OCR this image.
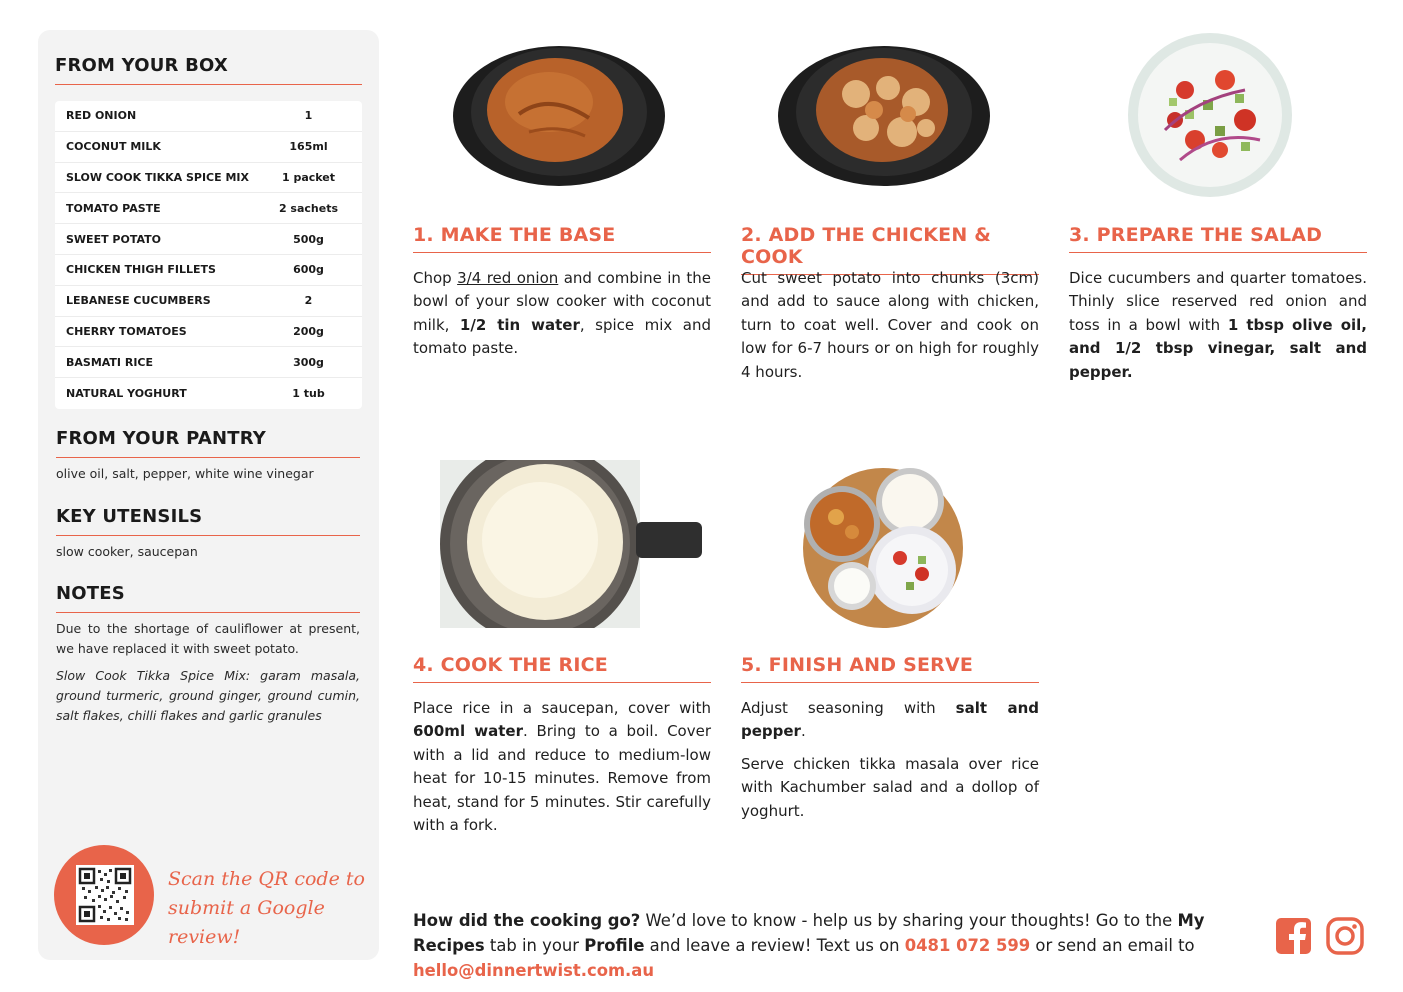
FROM YOUR BOX
RED ONION	1
COCONUT MILK	165ml
SLOW COOK TIKKA SPICE MIX	1 packet
TOMATO PASTE	2 sachets
SWEET POTATO	500g
CHICKEN THIGH FILLETS	600g
LEBANESE CUCUMBERS	2
CHERRY TOMATOES	200g
BASMATI RICE	300g
NATURAL YOGHURT	1 tub
FROM YOUR PANTRY
olive oil, salt, pepper, white wine vinegar
KEY UTENSILS
slow cooker, saucepan
NOTES
Due to the shortage of cauliflower at present, we have replaced it with sweet potato.
Slow Cook Tikka Spice Mix: garam masala, ground turmeric, ground ginger, ground cumin, salt flakes, chilli flakes and garlic granules
Scan the QR code to
submit a Google review!
1. MAKE THE BASE

Chop 3/4 red onion and combine in the bowl of your slow cooker with coconut milk, 1/2 tin water, spice mix and tomato paste.

2. ADD THE CHICKEN & COOK

Cut sweet potato into chunks (3cm) and add to sauce along with chicken, turn to coat well. Cover and cook on low for 6-7 hours or on high for roughly 4 hours.

3. PREPARE THE SALAD

Dice cucumbers and quarter tomatoes. Thinly slice reserved red onion and toss in a bowl with 1 tbsp olive oil, and 1/2 tbsp vinegar, salt and pepper.

4. COOK THE RICE

Place rice in a saucepan, cover with 600ml water. Bring to a boil. Cover with a lid and reduce to medium-low heat for 10-15 minutes. Remove from heat, stand for 5 minutes. Stir carefully with a fork.

5. FINISH AND SERVE

Adjust seasoning with salt and pepper.

Serve chicken tikka masala over rice with Kachumber salad and a dollop of yoghurt.

How did the cooking go? We’d love to know - help us by sharing your thoughts! Go to the My Recipes tab in your Profile and leave a review! Text us on 0481 072 599 or send an email to hello@dinnertwist.com.au
